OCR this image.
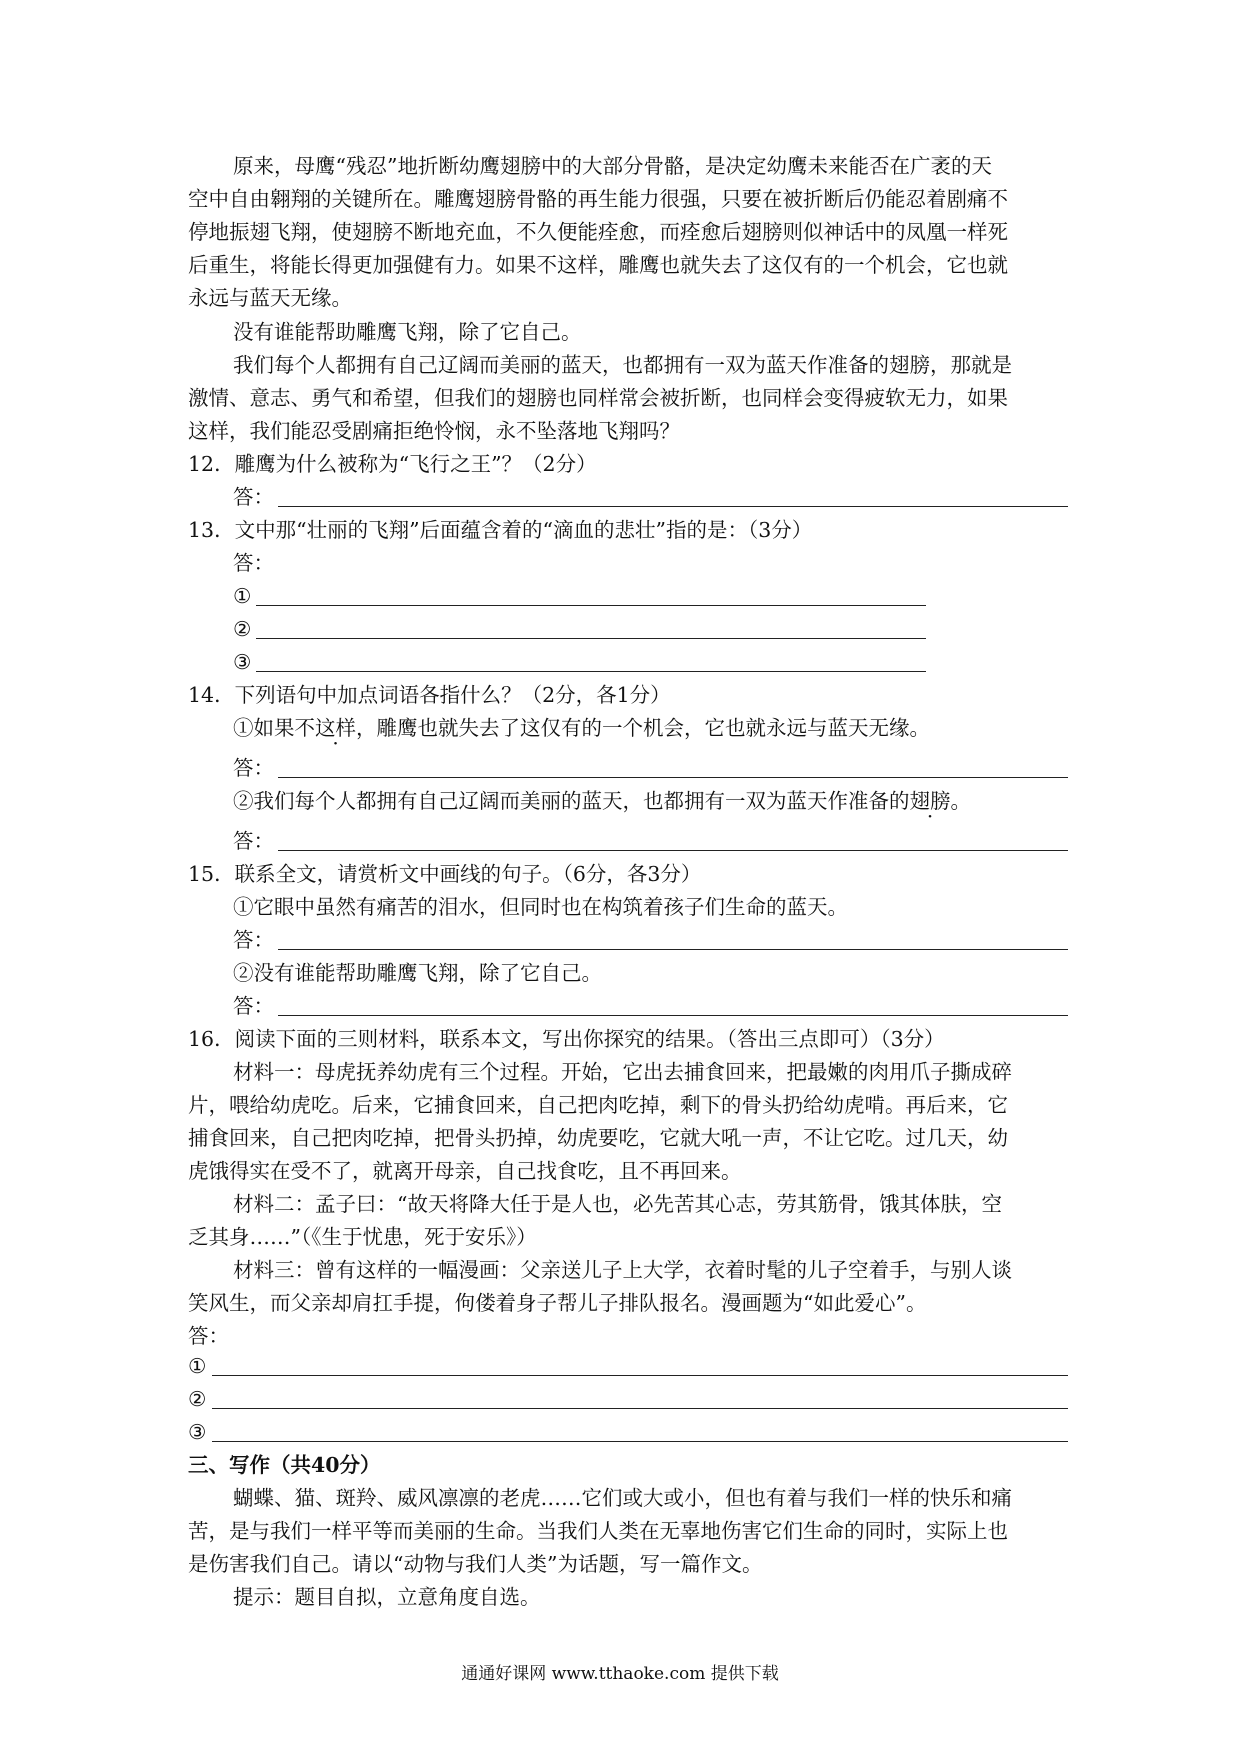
原来，母鹰“残忍”地折断幼鹰翅膀中的大部分骨骼，是决定幼鹰未来能否在广袤的天
空中自由翱翔的关键所在。雕鹰翅膀骨骼的再生能力很强，只要在被折断后仍能忍着剧痛不
停地振翅飞翔，使翅膀不断地充血，不久便能痊愈，而痊愈后翅膀则似神话中的凤凰一样死
后重生，将能长得更加强健有力。如果不这样，雕鹰也就失去了这仅有的一个机会，它也就
永远与蓝天无缘。
没有谁能帮助雕鹰飞翔，除了它自己。
我们每个人都拥有自己辽阔而美丽的蓝天，也都拥有一双为蓝天作准备的翅膀，那就是
激情、意志、勇气和希望，但我们的翅膀也同样常会被折断，也同样会变得疲软无力，如果
这样，我们能忍受剧痛拒绝怜悯，永不坠落地飞翔吗？
12．雕鹰为什么被称为“飞行之王”？（2分）
答：
13．文中那“壮丽的飞翔”后面蕴含着的“滴血的悲壮”指的是：（3分）
答：
①
②
③
14．下列语句中加点词语各指什么？（2分，各1分）
①如果不这样，雕鹰也就失去了这仅有的一个机会，它也就永远与蓝天无缘。
答：
②我们每个人都拥有自己辽阔而美丽的蓝天，也都拥有一双为蓝天作准备的翅膀。
答：
15．联系全文，请赏析文中画线的句子。（6分，各3分）
①它眼中虽然有痛苦的泪水，但同时也在构筑着孩子们生命的蓝天。
答：
②没有谁能帮助雕鹰飞翔，除了它自己。
答：
16．阅读下面的三则材料，联系本文，写出你探究的结果。（答出三点即可）（3分）
材料一：母虎抚养幼虎有三个过程。开始，它出去捕食回来，把最嫩的肉用爪子撕成碎
片，喂给幼虎吃。后来，它捕食回来，自己把肉吃掉，剩下的骨头扔给幼虎啃。再后来，它
捕食回来，自己把肉吃掉，把骨头扔掉，幼虎要吃，它就大吼一声，不让它吃。过几天，幼
虎饿得实在受不了，就离开母亲，自己找食吃，且不再回来。
材料二：孟子曰：“故天将降大任于是人也，必先苦其心志，劳其筋骨，饿其体肤，空
乏其身……”（《生于忧患，死于安乐》）
材料三：曾有这样的一幅漫画：父亲送儿子上大学，衣着时髦的儿子空着手，与别人谈
笑风生，而父亲却肩扛手提，佝偻着身子帮儿子排队报名。漫画题为“如此爱心”。
答：
①
②
③
三、写作（共40分）
蝴蝶、猫、斑羚、威风凛凛的老虎……它们或大或小，但也有着与我们一样的快乐和痛
苦，是与我们一样平等而美丽的生命。当我们人类在无辜地伤害它们生命的同时，实际上也
是伤害我们自己。请以“动物与我们人类”为话题，写一篇作文。
提示：题目自拟，立意角度自选。
通通好课网 www.tthaoke.com 提供下载
